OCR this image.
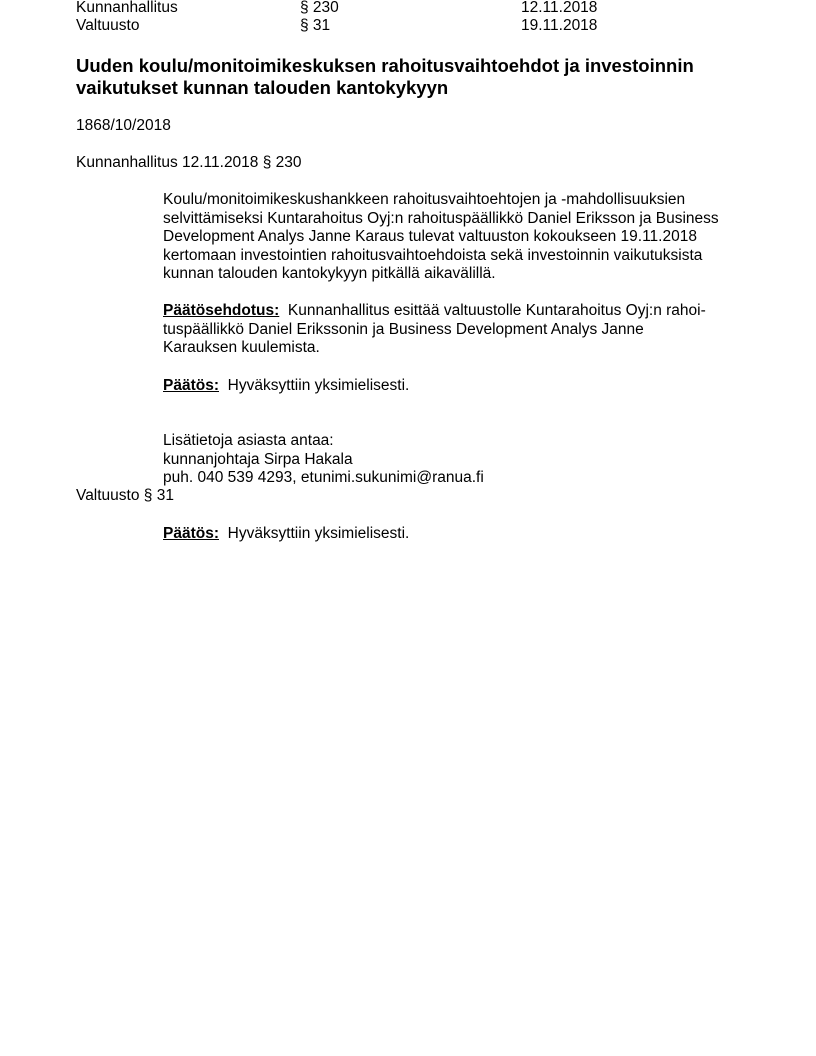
Kunnanhallitus	§ 230	12.11.2018
Valtuusto	§ 31	19.11.2018
Uuden koulu/monitoimikeskuksen rahoitusvaihtoehdot ja investoinnin
vaikutukset kunnan talouden kantokykyyn
1868/10/2018
Kunnanhallitus 12.11.2018 § 230
Koulu/monitoimikeskushankkeen rahoitusvaihtoehtojen ja -mahdollisuuksien
selvittämiseksi Kuntarahoitus Oyj:n rahoituspäällikkö Daniel Eriksson ja Business
Development Analys Janne Karaus tulevat valtuuston kokoukseen 19.11.2018
kertomaan investointien rahoitusvaihtoehdoista sekä investoinnin vaikutuksista
kunnan talouden kantokykyyn pitkällä aikavälillä.
Päätösehdotus: Kunnanhallitus esittää valtuustolle Kuntarahoitus Oyj:n rahoi-
tuspäällikkö Daniel Erikssonin ja Business Development Analys Janne
Karauksen kuulemista.
Päätös: Hyväksyttiin yksimielisesti.
Lisätietoja asiasta antaa:
kunnanjohtaja Sirpa Hakala
puh. 040 539 4293, etunimi.sukunimi@ranua.fi
Valtuusto § 31
Päätös: Hyväksyttiin yksimielisesti.
